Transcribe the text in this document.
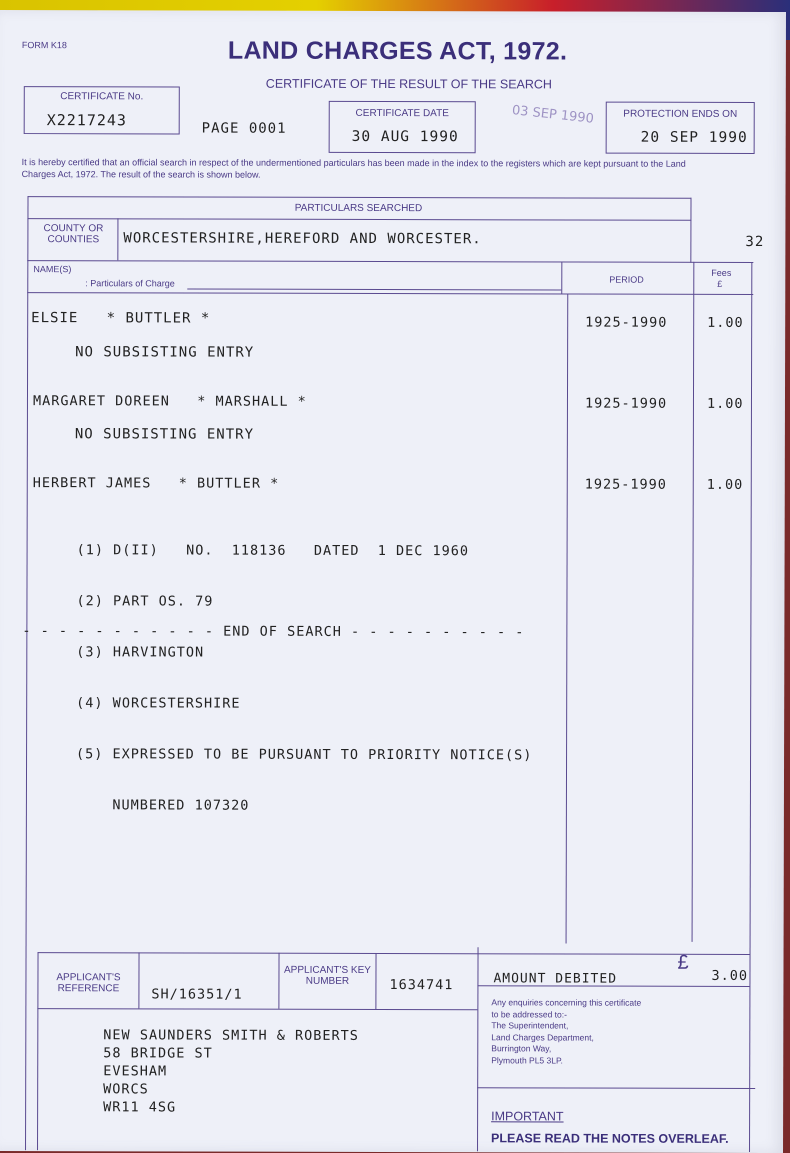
FORM K18	LAND CHARGES ACT, 1972.
CERTIFICATE OF THE RESULT OF THE SEARCH
CERTIFICATE No.
X2217243	PAGE 0001
CERTIFICATE DATE
30 AUG 1990
03 SEP 1990	PROTECTION ENDS ON
20 SEP 1990
It is hereby certified that an official search in respect of the undermentioned particulars has been made in the index to the registers which are kept pursuant to the Land Charges Act, 1972. The result of the search is shown below.
PARTICULARS SEARCHED
COUNTY OR COUNTIES	WORCESTERSHIRE,HEREFORD AND WORCESTER.	32
NAME(S)
: Particulars of Charge	PERIOD
Fees
£
ELSIE   * BUTTLER *	1925-1990	1.00
NO SUBSISTING ENTRY
MARGARET DOREEN   * MARSHALL *	1925-1990	1.00
NO SUBSISTING ENTRY
HERBERT JAMES   * BUTTLER *	1925-1990	1.00

(1) D(II)   NO.  118136   DATED  1 DEC 1960

(2) PART OS. 79

(3) HARVINGTON

(4) WORCESTERSHIRE

(5) EXPRESSED TO BE PURSUANT TO PRIORITY NOTICE(S)

NUMBERED 107320

- - - - - - - - - - - END OF SEARCH - - - - - - - - - -
APPLICANT'S REFERENCE	SH/16351/1
APPLICANT'S KEY NUMBER	1634741	AMOUNT DEBITED
£
3.00
NEW SAUNDERS SMITH & ROBERTS
58 BRIDGE ST
EVESHAM
WORCS
WR11 4SG
Any enquiries concerning this certificate
to be addressed to:-
The Superintendent,
Land Charges Department,
Burrington Way,
Plymouth PL5 3LP.
IMPORTANT
PLEASE READ THE NOTES OVERLEAF.
